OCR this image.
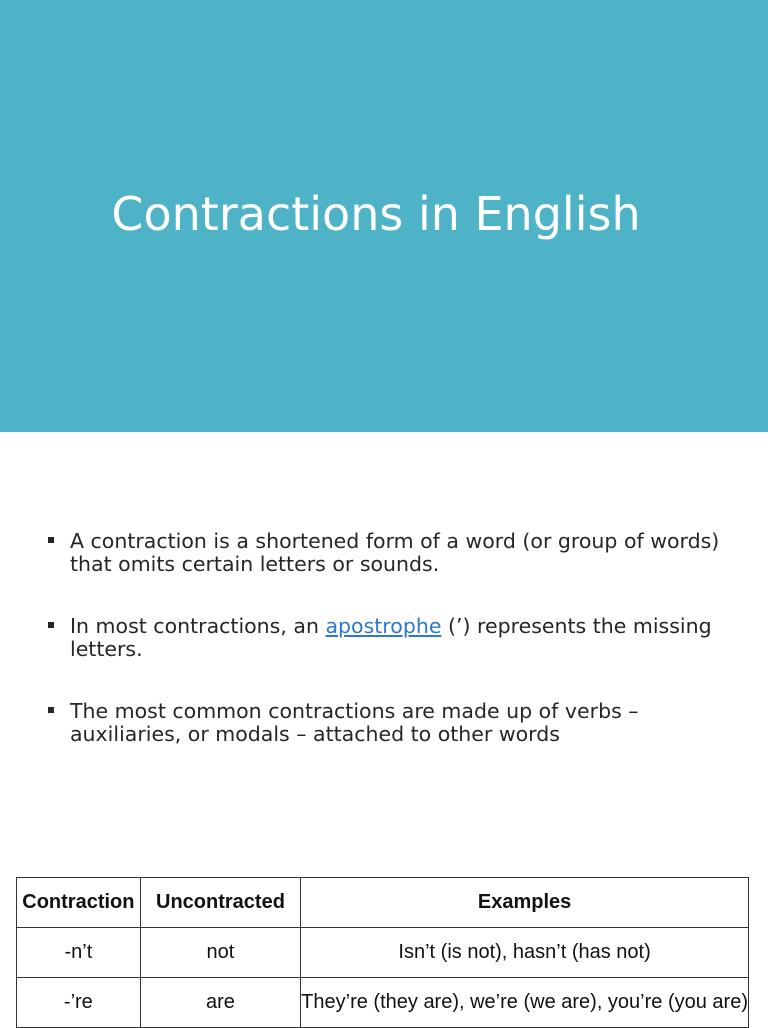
Contractions in English
A contraction is a shortened form of a word (or group of words) that omits certain letters or sounds.
In most contractions, an apostrophe (’) represents the missing letters.
The most common contractions are made up of verbs – auxiliaries, or modals – attached to other words
Contraction	Uncontracted	Examples
-n’t	not	Isn’t (is not), hasn’t (has not)
-’re	are	They’re (they are), we’re (we are), you’re (you are)
